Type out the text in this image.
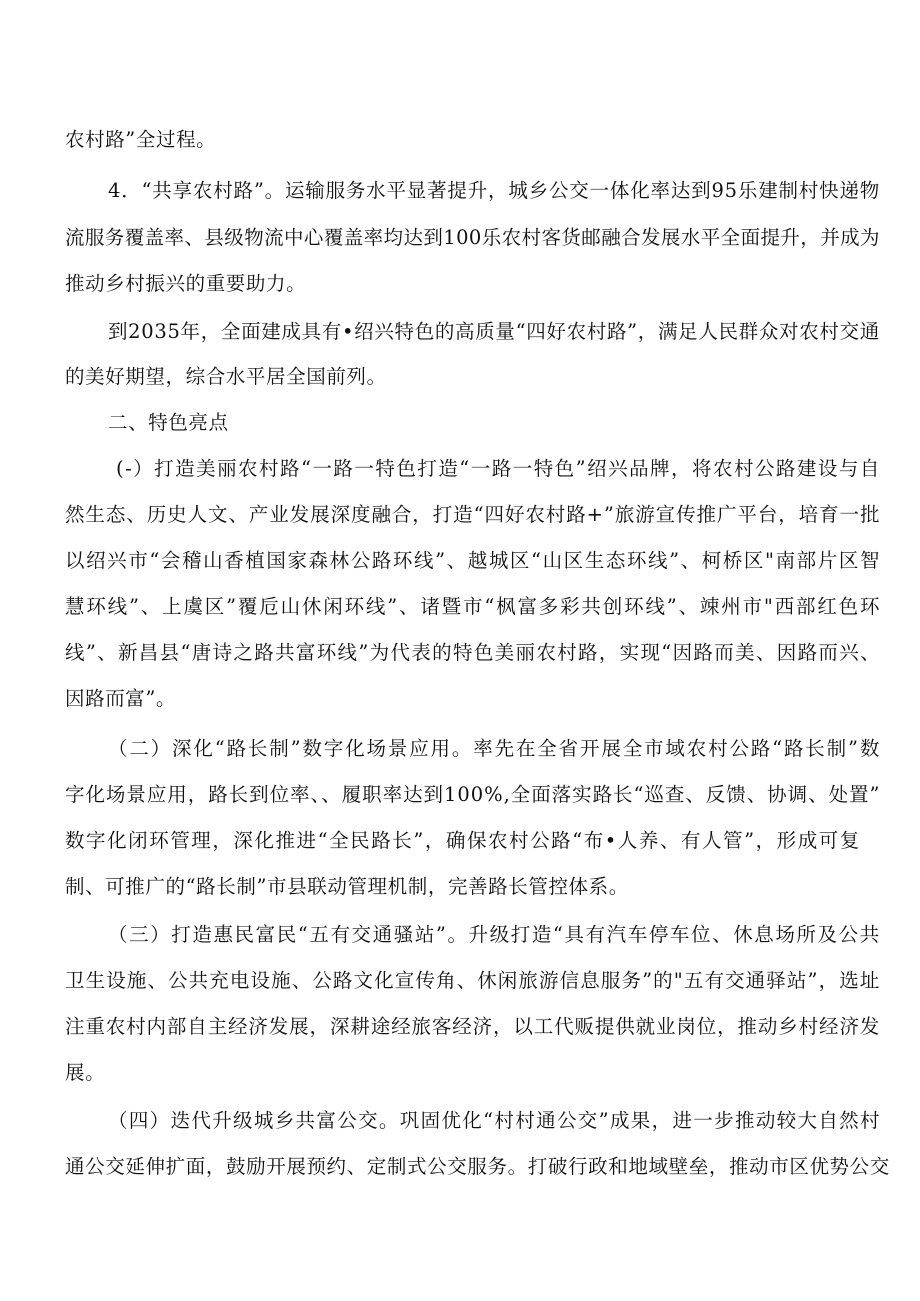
农村路”全过程。
4．“共享农村路”。运输服务水平显著提升，城乡公交一体化率达到95乐建制村快递物
流服务覆盖率、县级物流中心覆盖率均达到100乐农村客货邮融合发展水平全面提升，并成为
推动乡村振兴的重要助力。
到2035年，全面建成具有•绍兴特色的高质量“四好农村路”，满足人民群众对农村交通
的美好期望，综合水平居全国前列。
二、特色亮点
(-）打造美丽农村路“一路一特色打造“一路一特色”绍兴品牌，将农村公路建设与自
然生态、历史人文、产业发展深度融合，打造“四好农村路+”旅游宣传推广平台，培育一批
以绍兴市“会稽山香植国家森林公路环线”、越城区“山区生态环线”、柯桥区"南部片区智
慧环线”、上虞区”覆卮山休闲环线”、诸暨市“枫富多彩共创环线”、竦州市"西部红色环
线”、新昌县“唐诗之路共富环线”为代表的特色美丽农村路，实现“因路而美、因路而兴、
因路而富”。
（二）深化“路长制”数字化场景应用。率先在全省开展全市域农村公路“路长制”数
字化场景应用，路长到位率、、履职率达到100%,全面落实路长“巡查、反馈、协调、处置”
数字化闭环管理，深化推进“全民路长”，确保农村公路“布•人养、有人管”，形成可复
制、可推广的“路长制”市县联动管理机制，完善路长管控体系。
（三）打造惠民富民“五有交通骚站”。升级打造“具有汽车停车位、休息场所及公共
卫生设施、公共充电设施、公路文化宣传角、休闲旅游信息服务”的"五有交通驿站”，选址
注重农村内部自主经济发展，深耕途经旅客经济，以工代贩提供就业岗位，推动乡村经济发
展。
（四）迭代升级城乡共富公交。巩固优化“村村通公交”成果，进一步推动较大自然村
通公交延伸扩面，鼓励开展预约、定制式公交服务。打破行政和地域壁垒，推动市区优势公交
